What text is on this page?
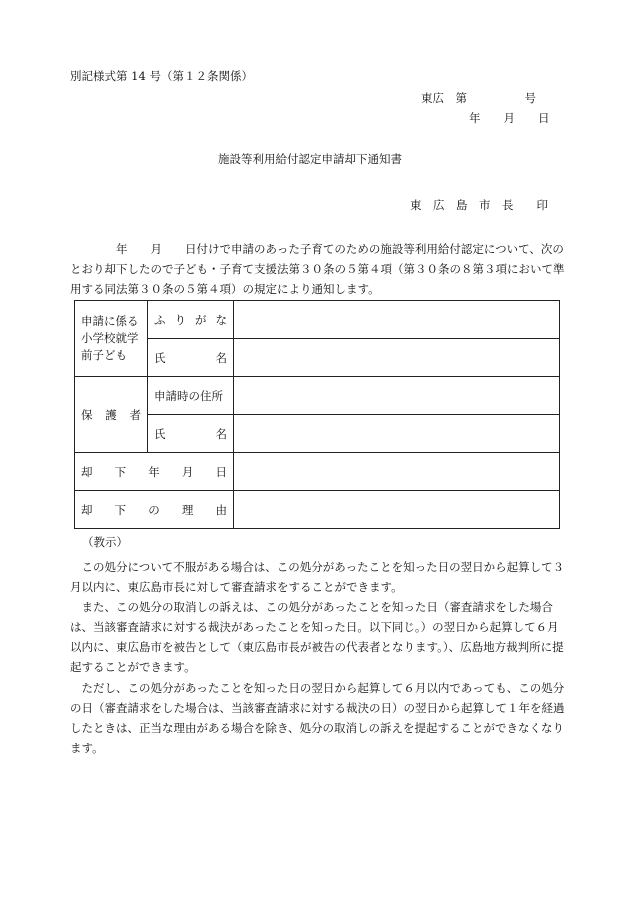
別記様式第 14 号（第１２条関係）
東広　第　　　　　号
年　　月　　日
施設等利用給付認定申請却下通知書
東　広　島　市　長　　印
　　　　年　　月　　日付けで申請のあった子育てのための施設等利用給付認定について、次のとおり却下したので子ども・子育て支援法第３０条の５第４項（第３０条の８第３項において準用する同法第３０条の５第４項）の規定により通知します。
申請に係る小学校就学前子ども	ふ り が な	

	氏 名	

保 護 者	申請時の住所	

	氏 名	

却 下 年 月 日		

却 下 の 理 由		

（教示）
　この処分について不服がある場合は、この処分があったことを知った日の翌日から起算して３月以内に、東広島市長に対して審査請求をすることができます。
　また、この処分の取消しの訴えは、この処分があったことを知った日（審査請求をした場合は、当該審査請求に対する裁決があったことを知った日。以下同じ。）の翌日から起算して６月以内に、東広島市を被告として（東広島市長が被告の代表者となります。）、広島地方裁判所に提起することができます。
　ただし、この処分があったことを知った日の翌日から起算して６月以内であっても、この処分の日（審査請求をした場合は、当該審査請求に対する裁決の日）の翌日から起算して１年を経過したときは、正当な理由がある場合を除き、処分の取消しの訴えを提起することができなくなります。
